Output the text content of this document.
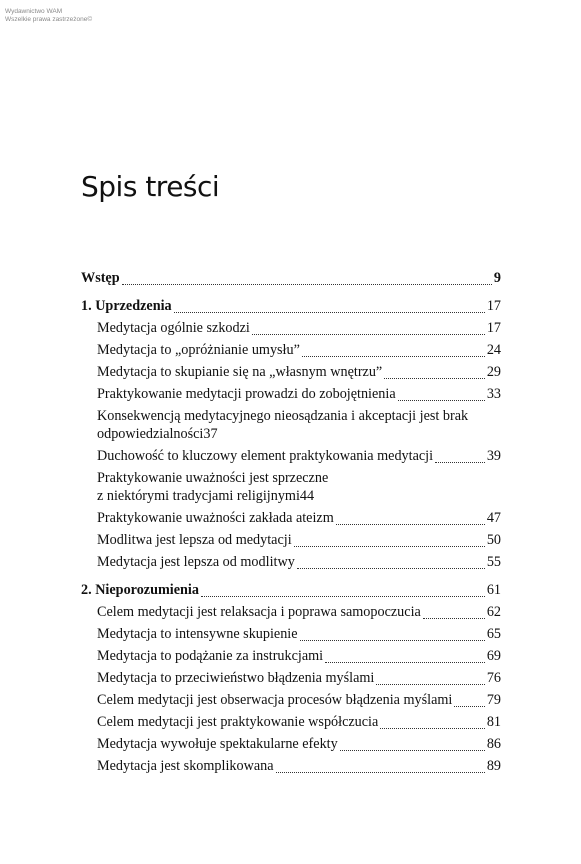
Wydawnictwo WAM
Wszelkie prawa zastrzeżone©
Spis treści
Wstęp	9
1. Uprzedzenia	17
Medytacja ogólnie szkodzi	17
Medytacja to „opróżnianie umysłu”	24
Medytacja to skupianie się na „własnym wnętrzu”	29
Praktykowanie medytacji prowadzi do zobojętnienia	33
Konsekwencją medytacyjnego nieosądzania i akceptacji jest brak
odpowiedzialności 37
Duchowość to kluczowy element praktykowania medytacji	39
Praktykowanie uważności jest sprzeczne
z niektórymi tradycjami religijnymi 44
Praktykowanie uważności zakłada ateizm	47
Modlitwa jest lepsza od medytacji	50
Medytacja jest lepsza od modlitwy	55
2. Nieporozumienia	61
Celem medytacji jest relaksacja i poprawa samopoczucia	62
Medytacja to intensywne skupienie	65
Medytacja to podążanie za instrukcjami	69
Medytacja to przeciwieństwo błądzenia myślami	76
Celem medytacji jest obserwacja procesów błądzenia myślami 79
Celem medytacji jest praktykowanie współczucia	81
Medytacja wywołuje spektakularne efekty	86
Medytacja jest skomplikowana	89
